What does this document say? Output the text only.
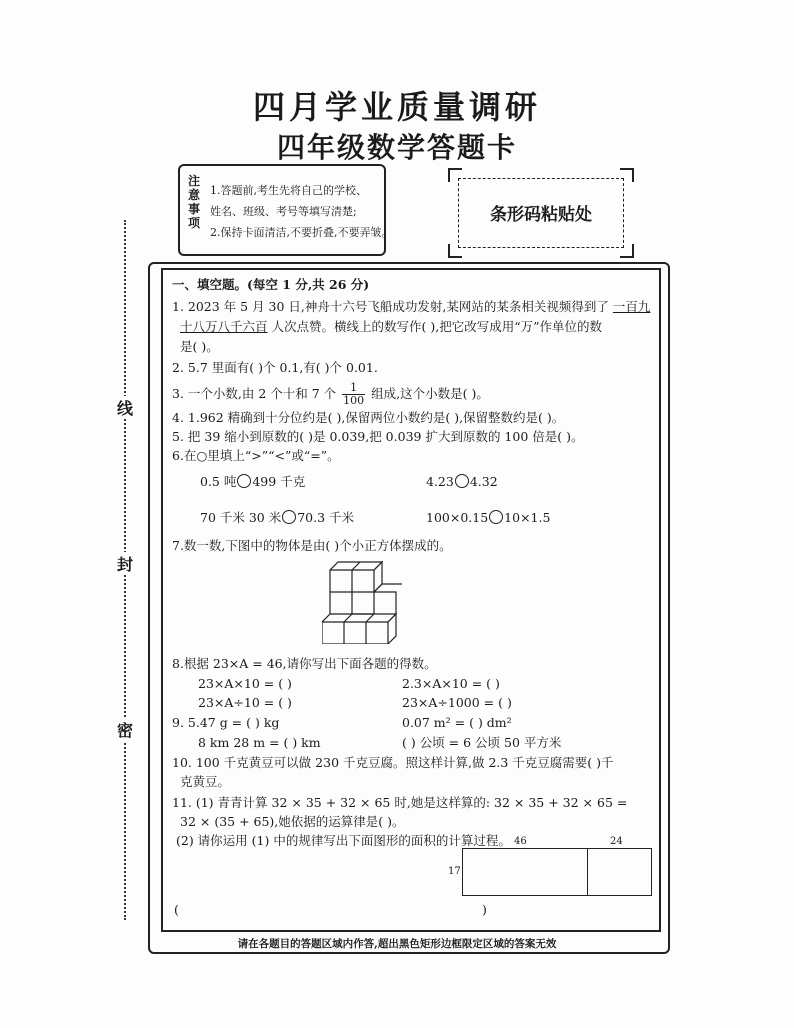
四月学业质量调研
四年级数学答题卡
注意事项
1.答题前,考生先将自己的学校、
姓名、班级、考号等填写清楚;
2.保持卡面清洁,不要折叠,不要弄皱。
条形码粘贴处
线
封
密
一、填空题。(每空 1 分,共 26 分)
1. 2023 年 5 月 30 日,神舟十六号飞船成功发射,某网站的某条相关视频得到了 一百九
十八万八千六百 人次点赞。横线上的数写作( ),把它改写成用“万”作单位的数
是( )。
2. 5.7 里面有( )个 0.1,有( )个 0.01.
3. 一个小数,由 2 个十和 7 个 $\frac{1}{100}$ 组成,这个小数是( )。
4. 1.962 精确到十分位约是( ),保留两位小数约是( ),保留整数约是( )。
5. 把 39 缩小到原数的( )是 0.039,把 0.039 扩大到原数的 100 倍是( )。
6.在○里填上“>”“<”或“=”。
0.5 吨 499 千克	4.23 4.32
70 千米 30 米 70.3 千米	100×0.15 10×1.5
7.数一数,下图中的物体是由( )个小正方体摆成的。
8.根据 23×A = 46,请你写出下面各题的得数。
23×A×10 = ( )	2.3×A×10 = ( )
23×A÷10 = ( )	23×A÷1000 = ( )
9. 5.47 g = ( ) kg	0.07 m² = ( ) dm²
8 km 28 m = ( ) km	( ) 公顷 = 6 公顷 50 平方米
10. 100 千克黄豆可以做 230 千克豆腐。照这样计算,做 2.3 千克豆腐需要( )千
克黄豆。
11. (1) 青青计算 32 × 35 + 32 × 65 时,她是这样算的: 32 × 35 + 32 × 65 =
32 × (35 + 65),她依据的运算律是( )。
(2) 请你运用 (1) 中的规律写出下面图形的面积的计算过程。 46	24
17
(	)
请在各题目的答题区域内作答,超出黑色矩形边框限定区域的答案无效
